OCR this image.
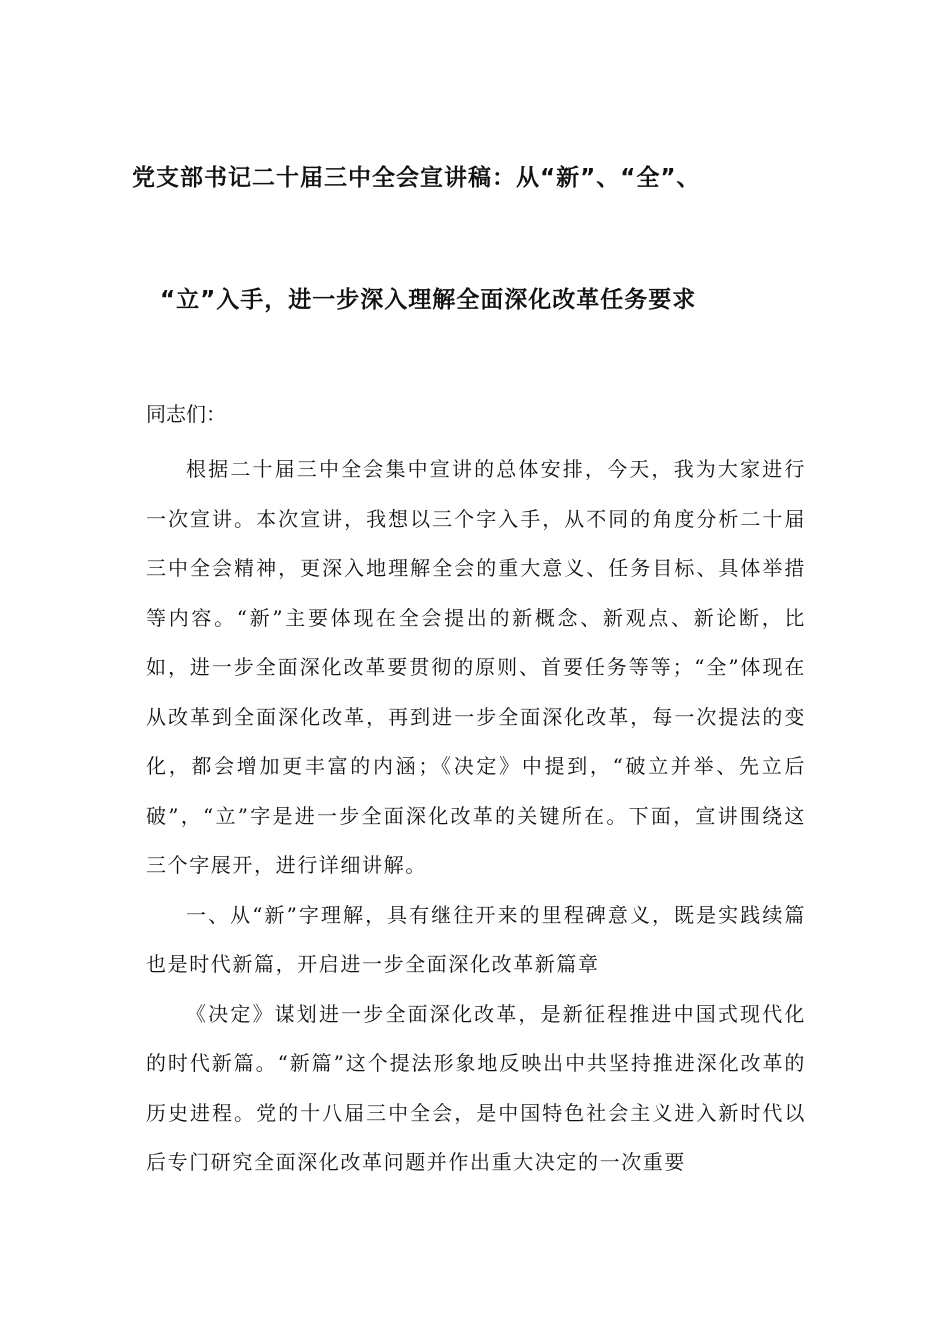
党支部书记二十届三中全会宣讲稿：从“新”、“全”、
“立”入手，进一步深入理解全面深化改革任务要求

同志们：

根据二十届三中全会集中宣讲的总体安排，今天，我为大家进行一次宣讲。本次宣讲，我想以三个字入手，从不同的角度分析二十届三中全会精神，更深入地理解全会的重大意义、任务目标、具体举措等内容。“新”主要体现在全会提出的新概念、新观点、新论断，比如，进一步全面深化改革要贯彻的原则、首要任务等等；“全”体现在从改革到全面深化改革，再到进一步全面深化改革，每一次提法的变化，都会增加更丰富的内涵；《决定》中提到，“破立并举、先立后破”，“立”字是进一步全面深化改革的关键所在。下面，宣讲围绕这三个字展开，进行详细讲解。

一、从“新”字理解，具有继往开来的里程碑意义，既是实践续篇也是时代新篇，开启进一步全面深化改革新篇章

《决定》谋划进一步全面深化改革，是新征程推进中国式现代化的时代新篇。“新篇”这个提法形象地反映出中共坚持推进深化改革的历史进程。党的十八届三中全会，是中国特色社会主义进入新时代以后专门研究全面深化改革问题并作出重大决定的一次重要
